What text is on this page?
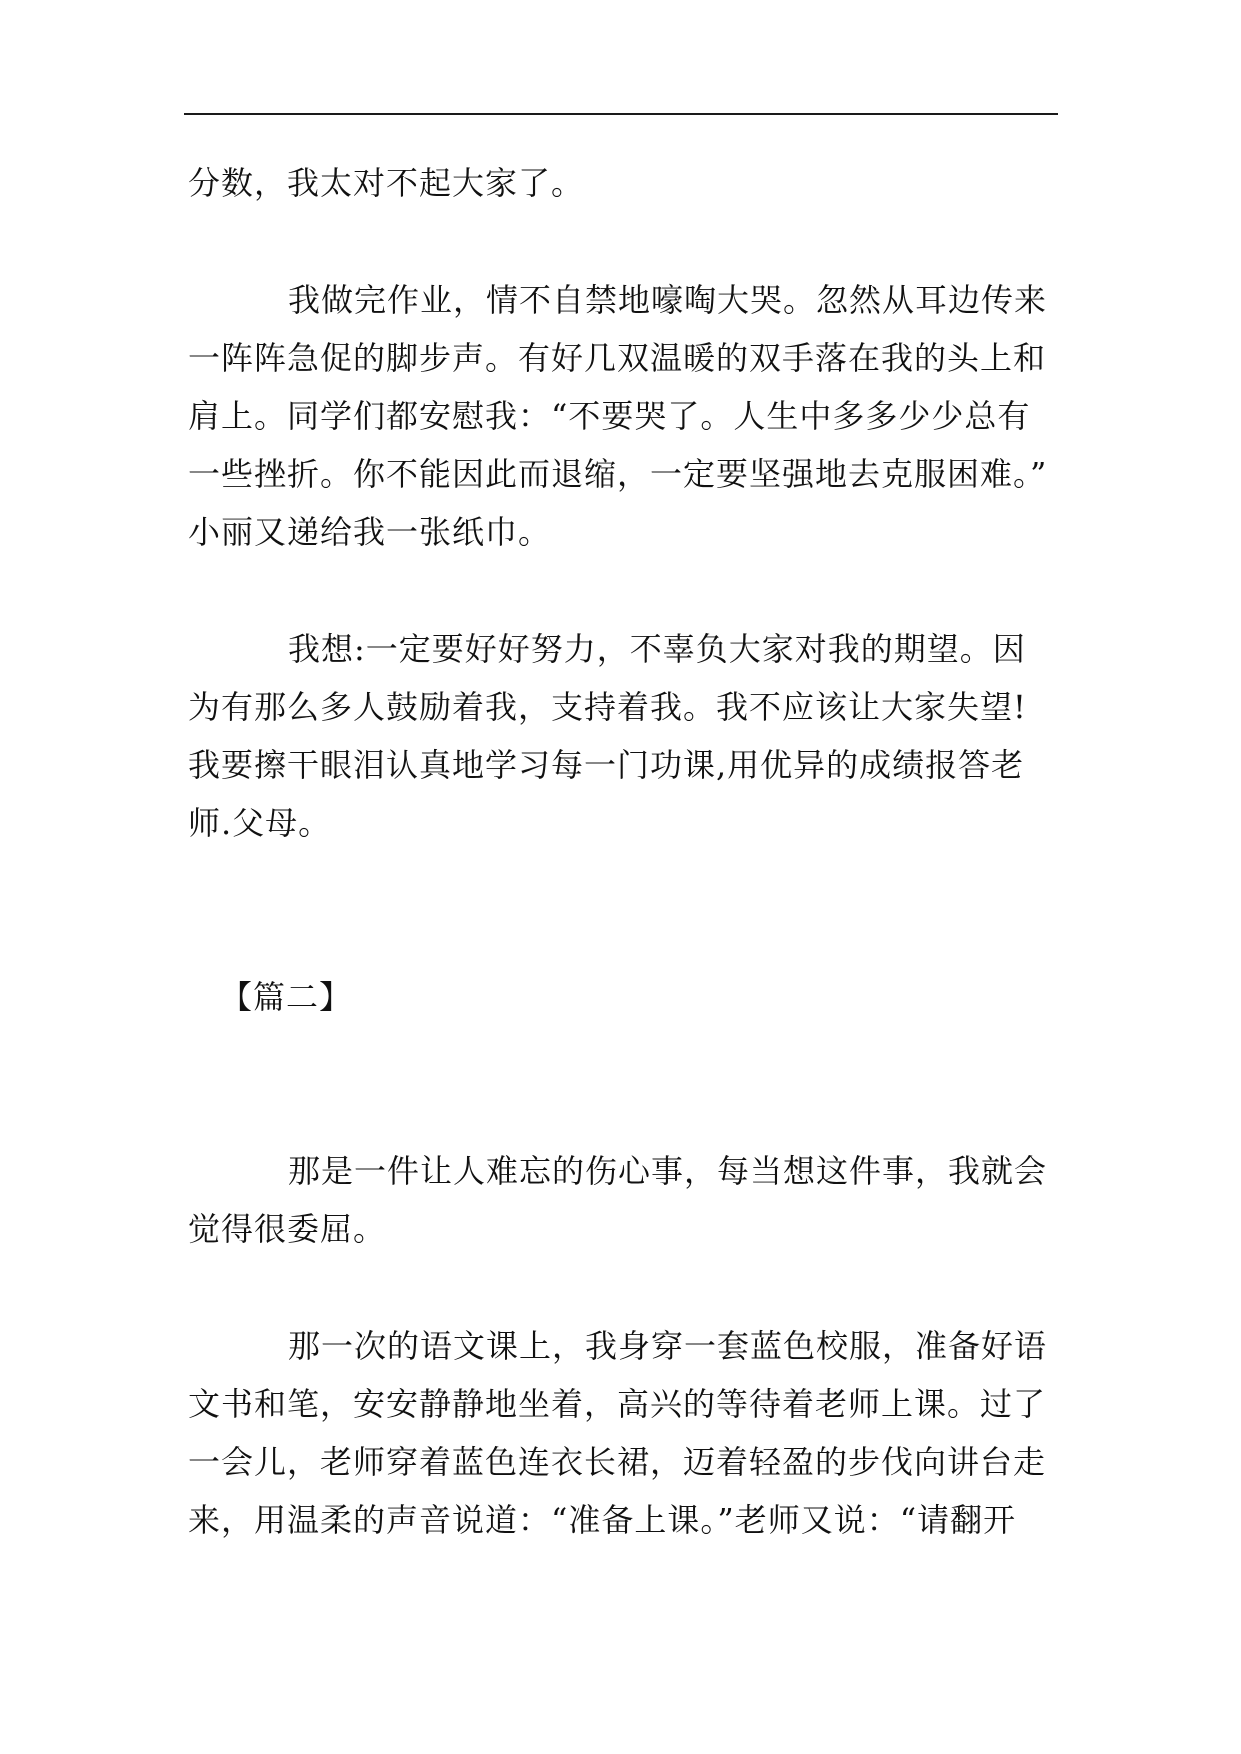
分数，我太对不起大家了。
我做完作业，情不自禁地嚎啕大哭。忽然从耳边传来
一阵阵急促的脚步声。有好几双温暖的双手落在我的头上和
肩上。同学们都安慰我：“不要哭了。人生中多多少少总有
一些挫折。你不能因此而退缩，一定要坚强地去克服困难。”
小丽又递给我一张纸巾。
我想:一定要好好努力，不辜负大家对我的期望。因
为有那么多人鼓励着我，支持着我。我不应该让大家失望!
我要擦干眼泪认真地学习每一门功课,用优异的成绩报答老
师.父母。
【篇二】
那是一件让人难忘的伤心事，每当想这件事，我就会
觉得很委屈。
那一次的语文课上，我身穿一套蓝色校服，准备好语
文书和笔，安安静静地坐着，高兴的等待着老师上课。过了
一会儿，老师穿着蓝色连衣长裙，迈着轻盈的步伐向讲台走
来，用温柔的声音说道：“准备上课。”老师又说：“请翻开
